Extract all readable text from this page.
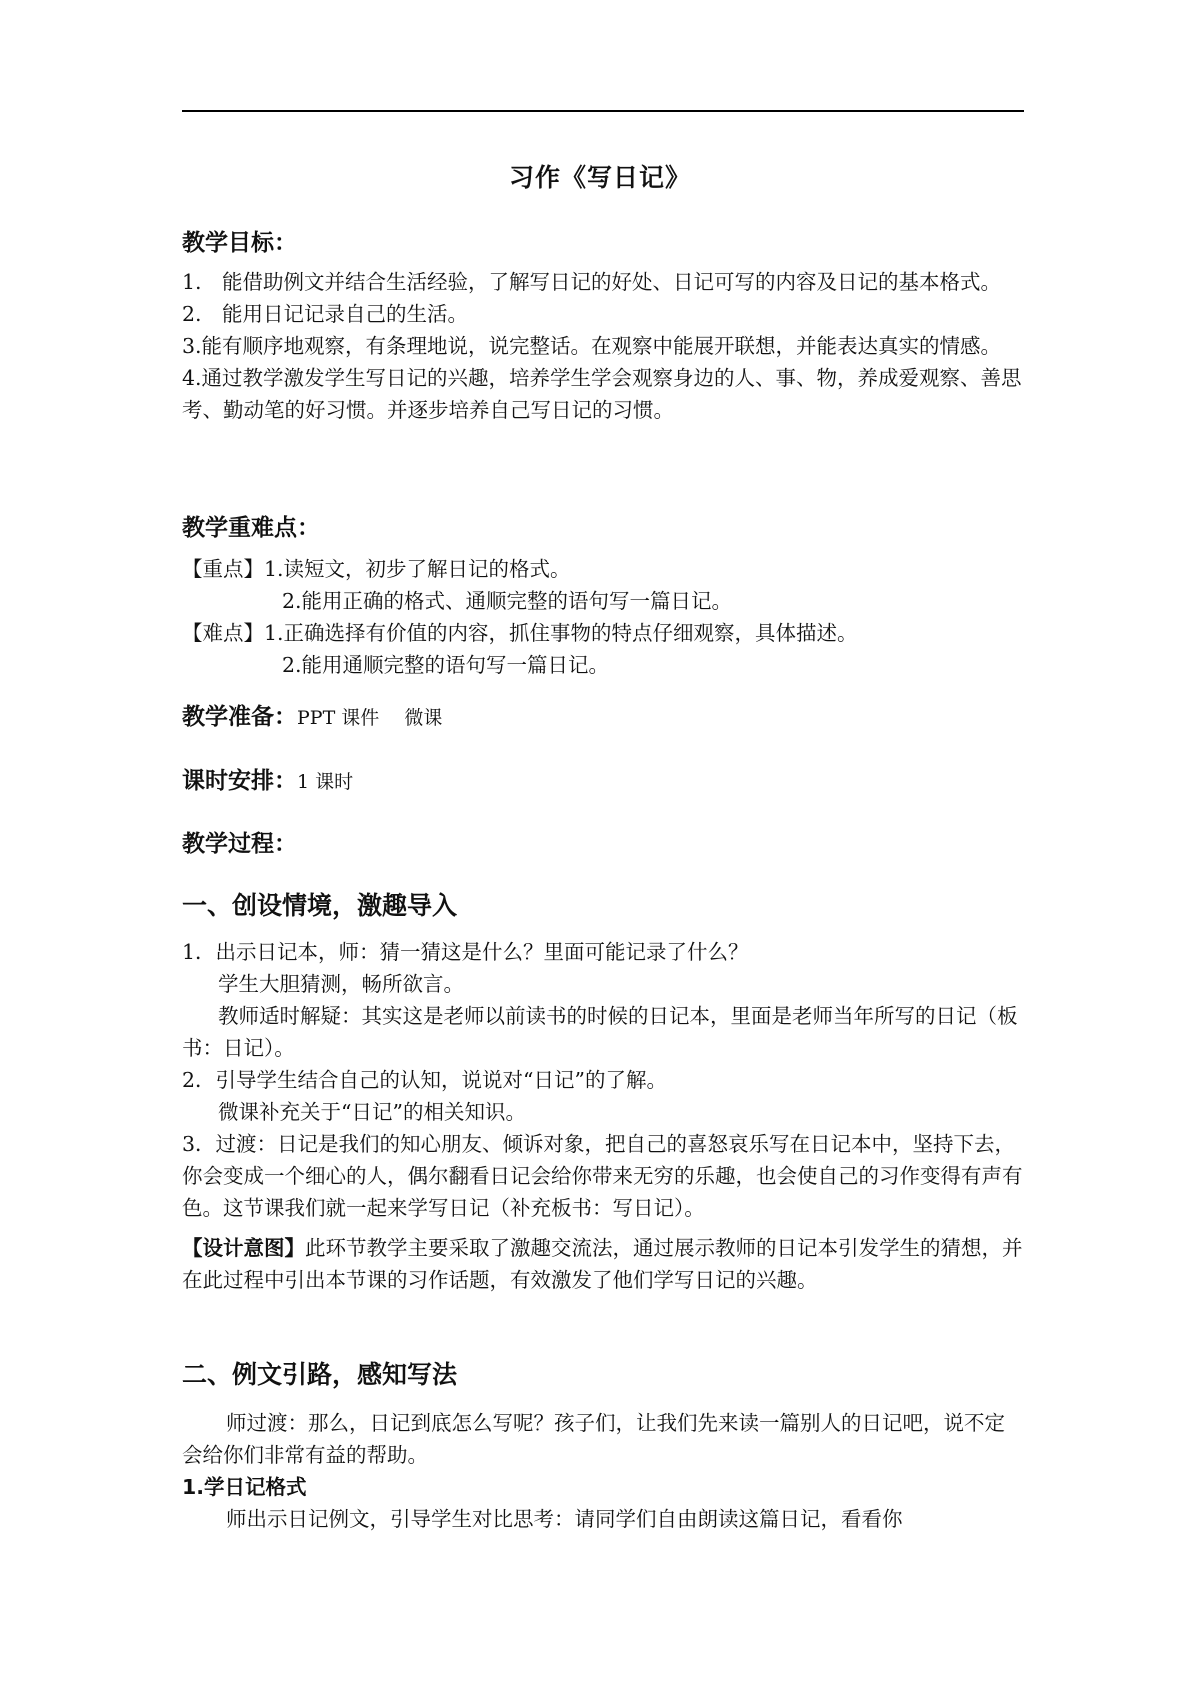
习作《写日记》

教学目标：

1.　能借助例文并结合生活经验，了解写日记的好处、日记可写的内容及日记的基本格式。

2.　能用日记记录自己的生活。

3.能有顺序地观察，有条理地说，说完整话。在观察中能展开联想，并能表达真实的情感。

4.通过教学激发学生写日记的兴趣，培养学生学会观察身边的人、事、物，养成爱观察、善思考、勤动笔的好习惯。并逐步培养自己写日记的习惯。

教学重难点：

【重点】 1.读短文，初步了解日记的格式。

2.能用正确的格式、通顺完整的语句写一篇日记。

【难点】 1.正确选择有价值的内容，抓住事物的特点仔细观察，具体描述。

2.能用通顺完整的语句写一篇日记。

教学准备：PPT 课件　 微课

课时安排：1 课时

教学过程：

一、创设情境，激趣导入

1．出示日记本，师：猜一猜这是什么？里面可能记录了什么？

学生大胆猜测，畅所欲言。

教师适时解疑：其实这是老师以前读书的时候的日记本，里面是老师当年所写的日记（板书：日记）。

2．引导学生结合自己的认知，说说对“日记”的了解。

微课补充关于“日记”的相关知识。

3．过渡：日记是我们的知心朋友、倾诉对象，把自己的喜怒哀乐写在日记本中，坚持下去，你会变成一个细心的人，偶尔翻看日记会给你带来无穷的乐趣，也会使自己的习作变得有声有色。这节课我们就一起来学写日记（补充板书：写日记）。

【设计意图】此环节教学主要采取了激趣交流法，通过展示教师的日记本引发学生的猜想，并在此过程中引出本节课的习作话题，有效激发了他们学写日记的兴趣。

二、例文引路，感知写法

师过渡：那么，日记到底怎么写呢？孩子们，让我们先来读一篇别人的日记吧，说不定会给你们非常有益的帮助。

1.学日记格式

师出示日记例文，引导学生对比思考：请同学们自由朗读这篇日记，看看你
